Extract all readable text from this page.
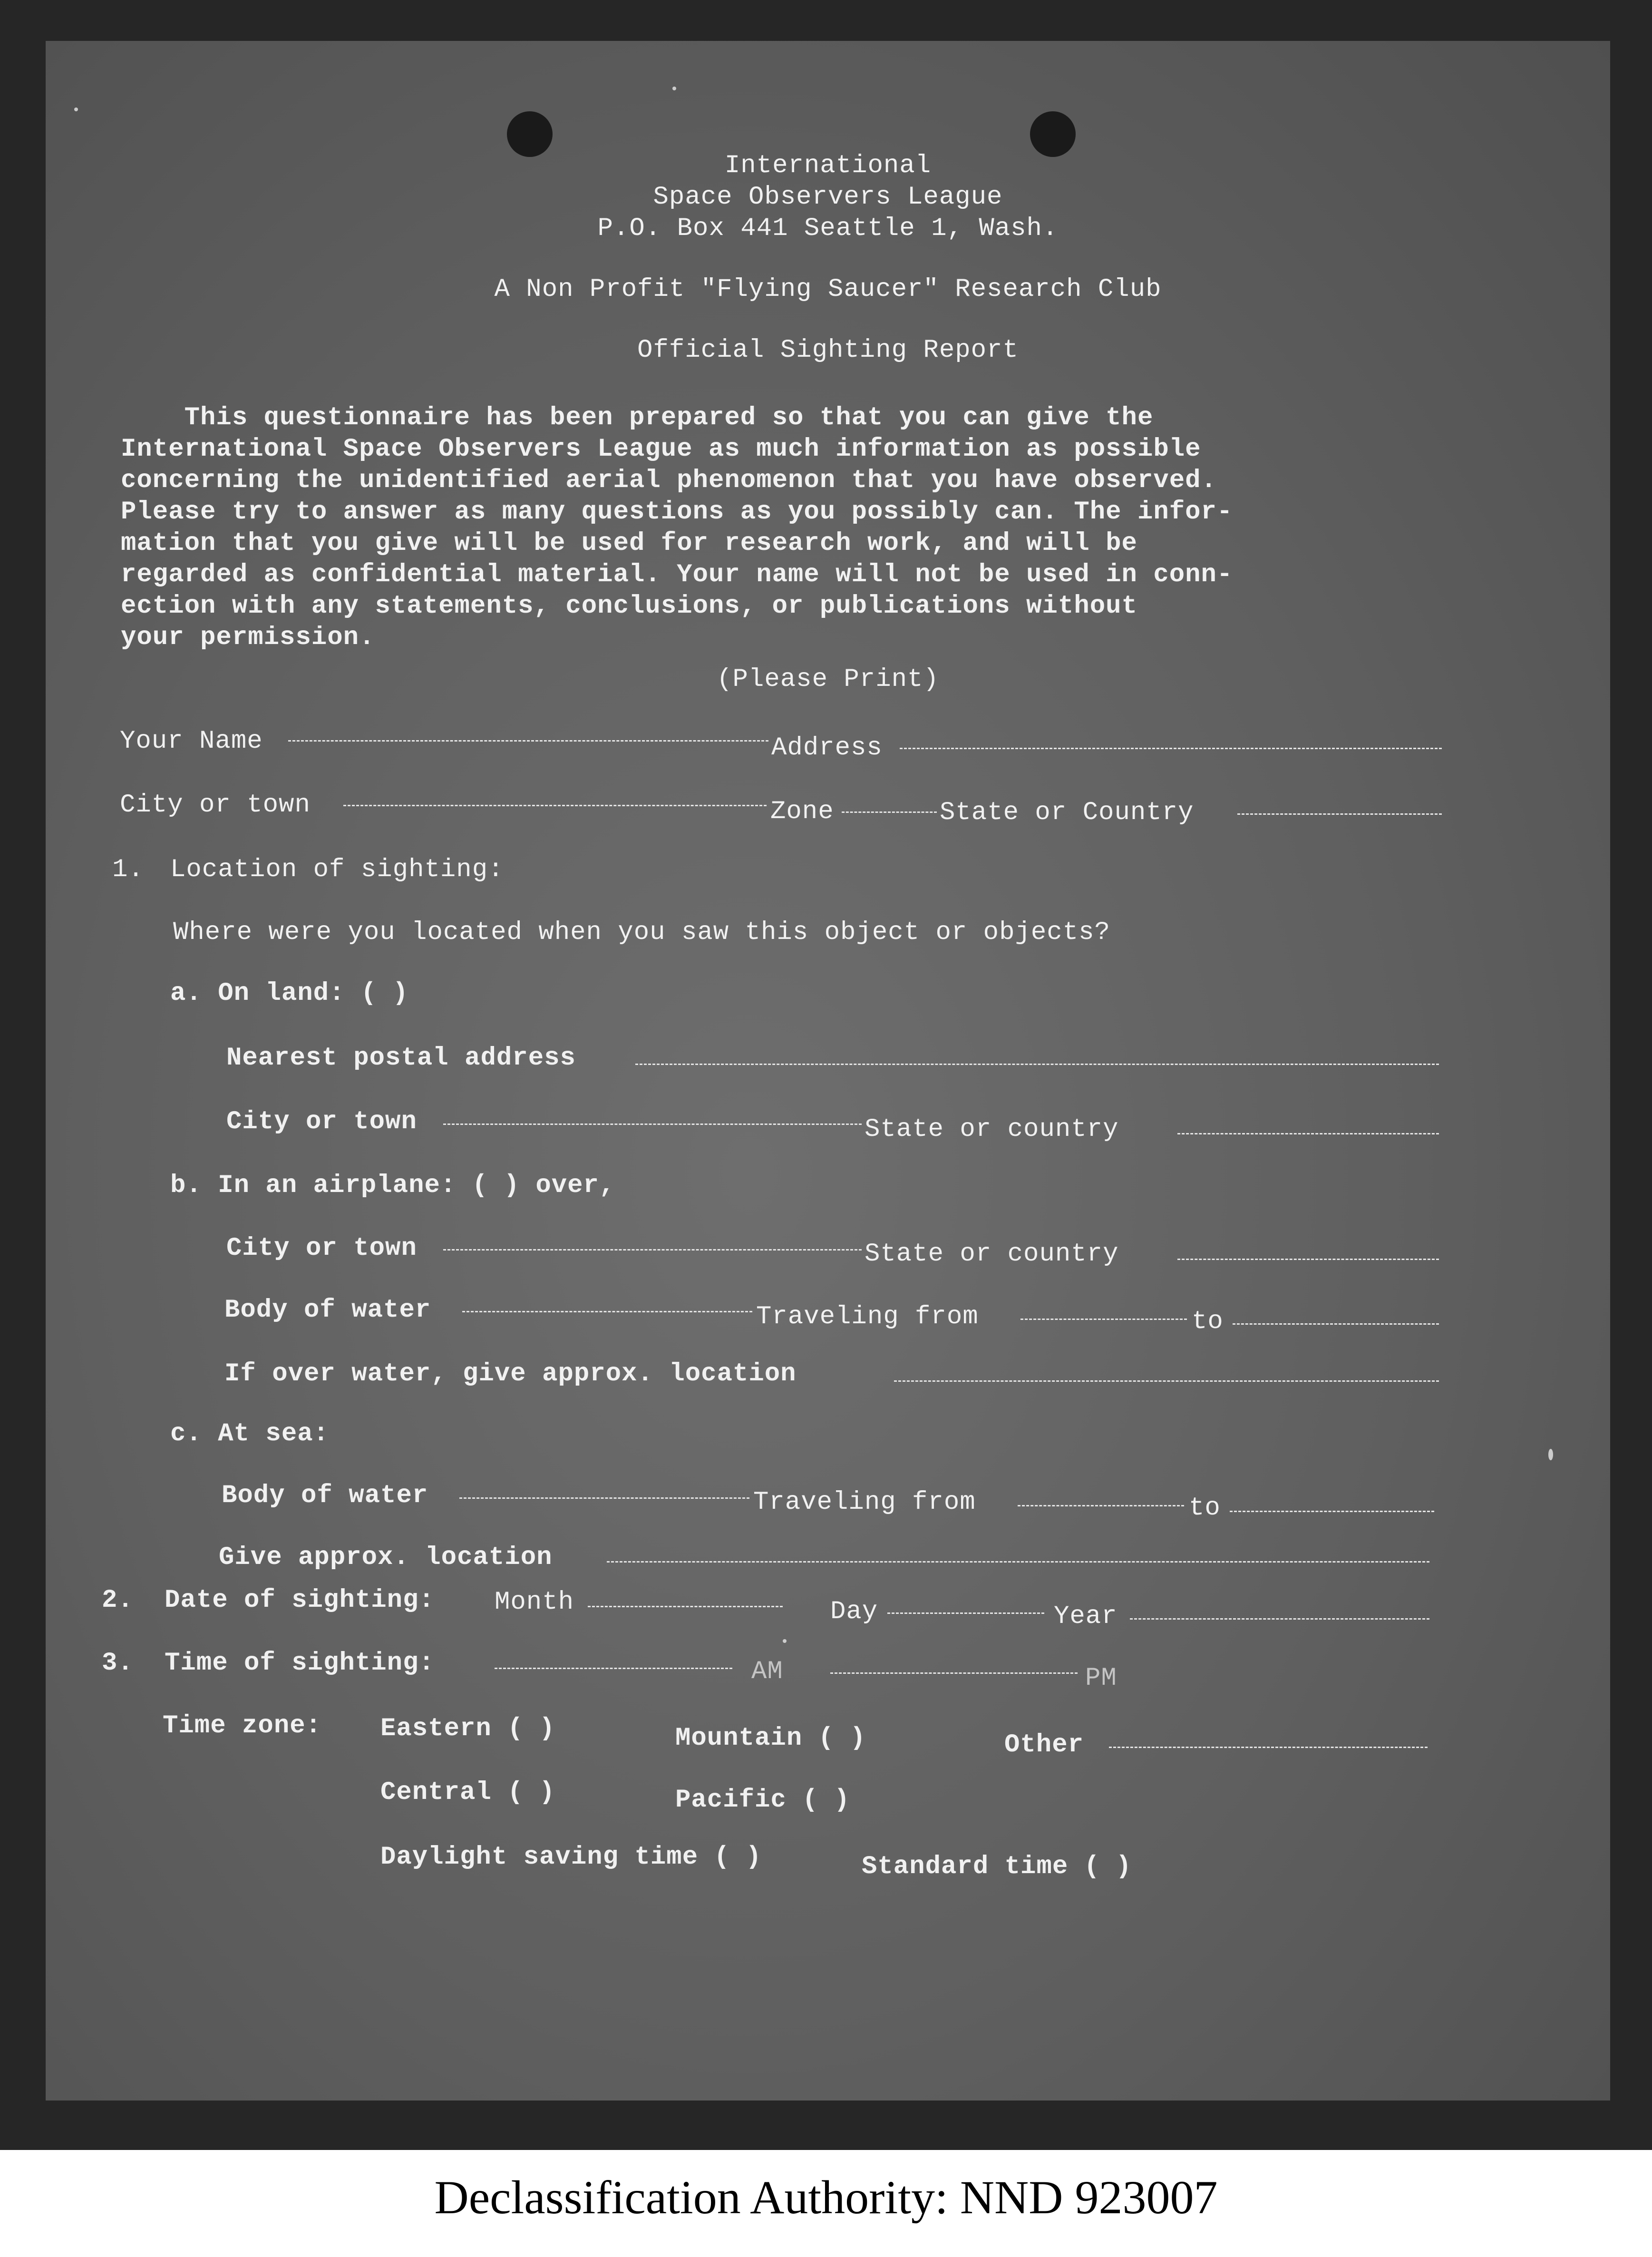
International
Space Observers League
P.O. Box 441 Seattle 1, Wash.
A Non Profit "Flying Saucer" Research Club
Official Sighting Report
This questionnaire has been prepared so that you can give the
International Space Observers League as much information as possible
concerning the unidentified aerial phenomenon that you have observed.
Please try to answer as many questions as you possibly can. The infor-
mation that you give will be used for research work, and will be
regarded as confidential material. Your name will not be used in conn-
ection with any statements, conclusions, or publications without
your permission.
(Please Print)
Your Name	Address
City or town	Zone	State or Country
1. Location of sighting:
Where were you located when you saw this object or objects?
a. On land: ( )
Nearest postal address
City or town	State or country
b. In an airplane: ( ) over,
City or town	State or country
Body of water	Traveling from	to
If over water, give approx. location
c. At sea:
Body of water	Traveling from	to
Give approx. location
2. Date of sighting: Month	Day	Year
3. Time of sighting:	AM	PM
Time zone: Eastern ( )	Mountain ( )	Other
Central ( )	Pacific ( )
Daylight saving time ( )	Standard time ( )
Declassification Authority: NND 923007
